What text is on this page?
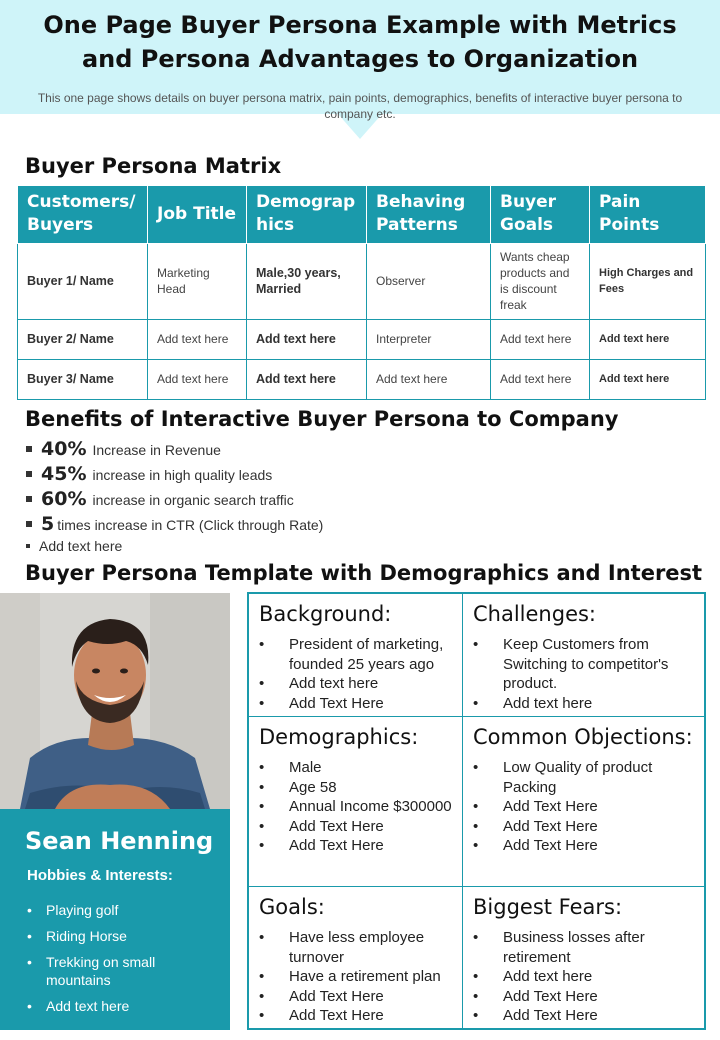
One Page Buyer Persona Example with Metrics and Persona Advantages to Organization

This one page shows details on buyer persona matrix, pain points, demographics, benefits of interactive buyer persona to company etc.

Buyer Persona Matrix
Customers/ Buyers	Job Title	Demograp hics	Behaving Patterns	Buyer Goals	Pain Points
Buyer 1/ Name	Marketing Head	Male,30 years, Married	Observer	Wants cheap products and is discount freak	High Charges and Fees
Buyer 2/ Name	Add text here	Add text here	Interpreter	Add text here	Add text here
Buyer 3/ Name	Add text here	Add text here	Add text here	Add text here	Add text here
Benefits of Interactive Buyer Persona to Company
40% Increase in Revenue
45% increase in high quality leads
60% increase in organic search traffic
5 times increase in CTR (Click through Rate)
Add text here
Buyer Persona Template with Demographics and Interest
Sean Henning
Hobbies & Interests:
• Playing golf
• Riding Horse
• Trekking on small mountains
• Add text here
Background:
• President of marketing, founded 25 years ago
• Add text here
• Add Text Here
Challenges:
• Keep Customers from Switching to competitor's product.
• Add text here
Demographics:
• Male
• Age 58
• Annual Income $300000
• Add Text Here
• Add Text Here
Common Objections:
• Low Quality of product Packing
• Add Text Here
• Add Text Here
• Add Text Here
Goals:
• Have less employee turnover
• Have a retirement plan
• Add Text Here
• Add Text Here
Biggest Fears:
• Business losses after retirement
• Add text here
• Add Text Here
• Add Text Here
